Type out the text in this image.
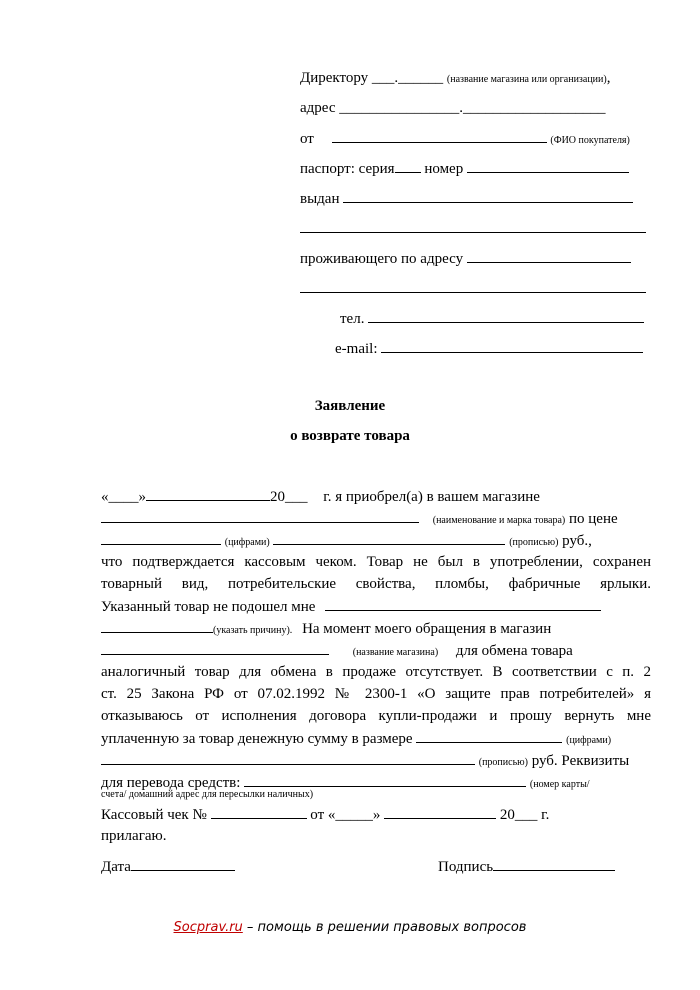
Директору ___.______ (название магазина или организации),
адрес ________________.___________________
от	(ФИО покупателя)
паспорт: серия номер
выдан
проживающего по адресу
тел.
e-mail:
Заявление
о возврате товара
«____»	20___ г. я приобрел(а) в вашем магазине
(наименование и марка товара) по цене
(цифрами)	(прописью) руб.,
что подтверждается кассовым чеком. Товар не был в употреблении, сохранен
товарный вид, потребительские свойства, пломбы, фабричные ярлыки.
Указанный товар не подошел мне
(указать причину). На момент моего обращения в магазин
(название магазина) для обмена товара
аналогичный товар для обмена в продаже отсутствует. В соответствии с п. 2
ст. 25 Закона РФ от 07.02.1992 № 2300-1 «О защите прав потребителей» я
отказываюсь от исполнения договора купли-продажи и прошу вернуть мне
уплаченную за товар денежную сумму в размере	(цифрами)
(прописью) руб. Реквизиты
для перевода средств:	(номер карты/
счета/ домашний адрес для пересылки наличных)
Кассовый чек №	от «_____»	20___ г.
прилагаю.
Дата	Подпись
Socprav.ru – помощь в решении правовых вопросов
